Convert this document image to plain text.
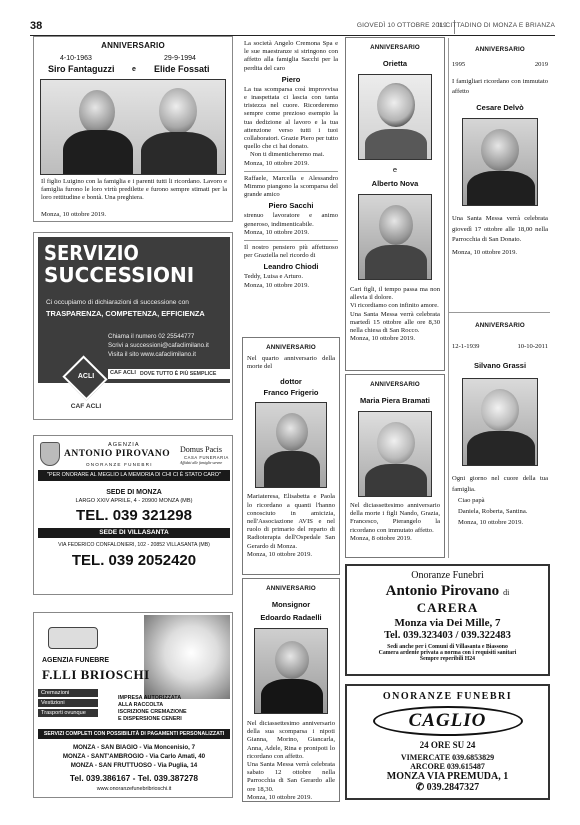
38	GIOVEDÌ 10 OTTOBRE 2019
IL CITTADINO DI MONZA E BRIANZA
ANNIVERSARIO
4-10-1963	29-9-1994
Siro Fantaguzzi e Elide Fossati
Il figlio Luigino con la famiglia e i parenti tutti li ricordano. Lavoro e famiglia furono le loro virtù predilette e furono sempre stimati per la loro rettitudine e bontà. Una preghiera.
Monza, 10 ottobre 2019.
SERVIZIO
SUCCESSIONI
Ci occupiamo di dichiarazioni di successione con
TRASPARENZA, COMPETENZA, EFFICIENZA
Chiama il numero 02 25544777
Scrivi a successioni@cafaclimilano.it
Visita il sito www.cafaclimilano.it
ACLI
CAF ACLI
CAF ACLI DOVE TUTTO È PIÙ SEMPLICE
AGENZIA
ANTONIO PIROVANO
ONORANZE FUNEBRI
Domus Pacis
CASA FUNERARIA
Affidati alle famiglie serene
"PER ONORARE AL MEGLIO LA MEMORIA DI CHI CI È STATO CARO"
SEDE DI MONZA
LARGO XXIV APRILE, 4 - 20900 MONZA (MB)
TEL. 039 321298
SEDE DI VILLASANTA
VIA FEDERICO CONFALONIERI, 102 - 20852 VILLASANTA (MB)
TEL. 039 2052420
AGENZIA FUNEBRE
F.LLI BRIOSCHI
Cremazioni
Vestizioni
Trasporti ovunque
IMPRESA AUTORIZZATA
ALLA RACCOLTA
ISCRIZIONE CREMAZIONE
E DISPERSIONE CENERI
SERVIZI COMPLETI CON POSSIBILITÀ DI PAGAMENTI PERSONALIZZATI
MONZA - SAN BIAGIO - Via Moncenisio, 7
MONZA - SANT'AMBROGIO - Via Carlo Amati, 40
MONZA - SAN FRUTTUOSO - Via Puglia, 14
Tel. 039.386167 - Tel. 039.387278
www.onoranzefunebribrioschi.it
La società Angelo Cremona Spa e le sue maestranze si stringono con affetto alla famiglia Sacchi per la perdita del caro
Piero
La tua scomparsa così improvvisa e inaspettata ci lascia con tanta tristezza nel cuore. Ricorderemo sempre come prezioso esempio la tua dedizione al lavoro e la tua attenzione verso tutti i tuoi collaboratori. Grazie Piero per tutto quello che ci hai donato.
Non ti dimenticheremo mai.
Monza, 10 ottobre 2019.
Raffaele, Marcella e Alessandro Mimmo piangono la scomparsa del grande amico
Piero Sacchi
strenuo lavoratore e animo generoso, indimenticabile.
Monza, 10 ottobre 2019.
Il nostro pensiero più affettuoso per Graziella nel ricordo di
Leandro Chiodi
Teddy, Luisa e Arturo.
Monza, 10 ottobre 2019.
ANNIVERSARIO
Nel quarto anniversario della morte del
dottor
Franco Frigerio
Mariateresa, Elisabetta e Paola lo ricordano a quanti l'hanno conosciuto in amicizia, nell'Associazione AVIS e nel ruolo di primario del reparto di Radioterapia dell'Ospedale San Gerardo di Monza.
Monza, 10 ottobre 2019.
ANNIVERSARIO
Monsignor
Edoardo Radaelli
Nel diciassettesimo anniversario della sua scomparsa i nipoti Gianna, Morino, Giancarla, Anna, Adele, Rina e pronipoti lo ricordano con affetto.
Una Santa Messa verrà celebrata sabato 12 ottobre nella Parrocchia di San Gerardo alle ore 18,30.
Monza, 10 ottobre 2019.
ANNIVERSARIO
Orietta
e
Alberto Nova
Cari figli, il tempo passa ma non allevia il dolore.
Vi ricordiamo con infinito amore.
Una Santa Messa verrà celebrata martedì 15 ottobre alle ore 8,30 nella chiesa di San Rocco.
Monza, 10 ottobre 2019.
ANNIVERSARIO
Maria Piera Bramati
Nel diciassettesimo anniversario della morte i figli Nando, Grazia, Francesco, Pierangelo la ricordano con immutato affetto.
Monza, 8 ottobre 2019.
ANNIVERSARIO
1995	2019
I famigliari ricordano con immutato affetto
Cesare Delvò
Una Santa Messa verrà celebrata giovedì 17 ottobre alle 18,00 nella Parrocchia di San Donato.
Monza, 10 ottobre 2019.
ANNIVERSARIO
12-1-1939	10-10-2011
Silvano Grassi
Ogni giorno nel cuore della tua famiglia.
Ciao papà
Daniela, Roberta, Santina.
Monza, 10 ottobre 2019.
Onoranze Funebri
Antonio Pirovano di
CARERA
Monza via Dei Mille, 7
Tel. 039.323403 / 039.322483
Sedi anche per i Comuni di Villasanta e Biassono
Camera ardente privata a norma con i requisiti sanitari
Sempre reperibili H24
ONORANZE FUNEBRI
CAGLIO
24 ORE SU 24
VIMERCATE 039.6853829
ARCORE 039.615487
MONZA VIA PREMUDA, 1
✆ 039.2847327
